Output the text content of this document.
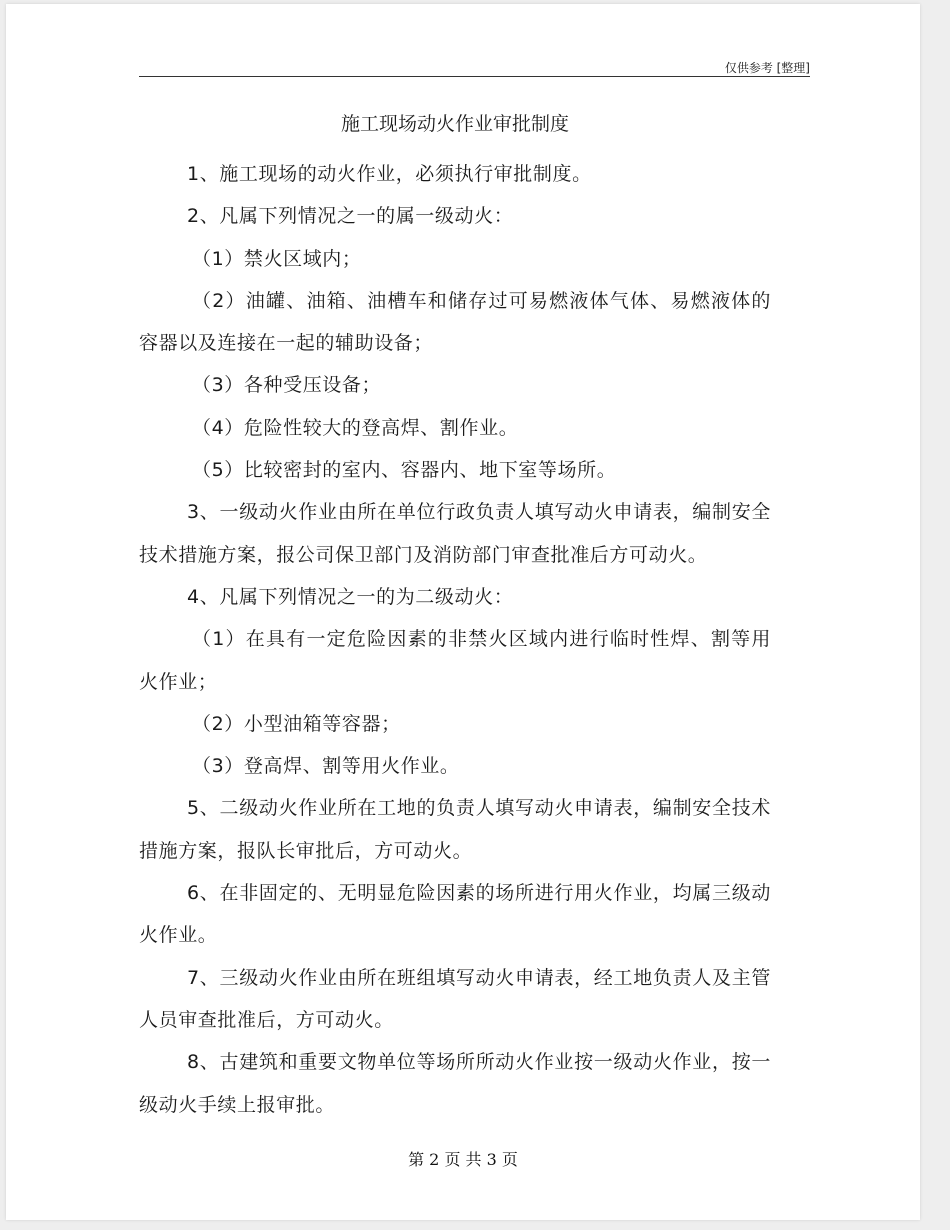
仅供参考 [整理]
施工现场动火作业审批制度

1、施工现场的动火作业，必须执行审批制度。

2、凡属下列情况之一的属一级动火：

（1）禁火区域内；

（2）油罐、油箱、油槽车和储存过可易燃液体气体、易燃液体的容器以及连接在一起的辅助设备；

（3）各种受压设备；

（4）危险性较大的登高焊、割作业。

（5）比较密封的室内、容器内、地下室等场所。

3、一级动火作业由所在单位行政负责人填写动火申请表，编制安全技术措施方案，报公司保卫部门及消防部门审查批准后方可动火。

4、凡属下列情况之一的为二级动火：

（1）在具有一定危险因素的非禁火区域内进行临时性焊、割等用火作业；

（2）小型油箱等容器；

（3）登高焊、割等用火作业。

5、二级动火作业所在工地的负责人填写动火申请表，编制安全技术措施方案，报队长审批后，方可动火。

6、在非固定的、无明显危险因素的场所进行用火作业，均属三级动火作业。

7、三级动火作业由所在班组填写动火申请表，经工地负责人及主管人员审查批准后，方可动火。

8、古建筑和重要文物单位等场所所动火作业按一级动火作业，按一级动火手续上报审批。

第 2 页 共 3 页
